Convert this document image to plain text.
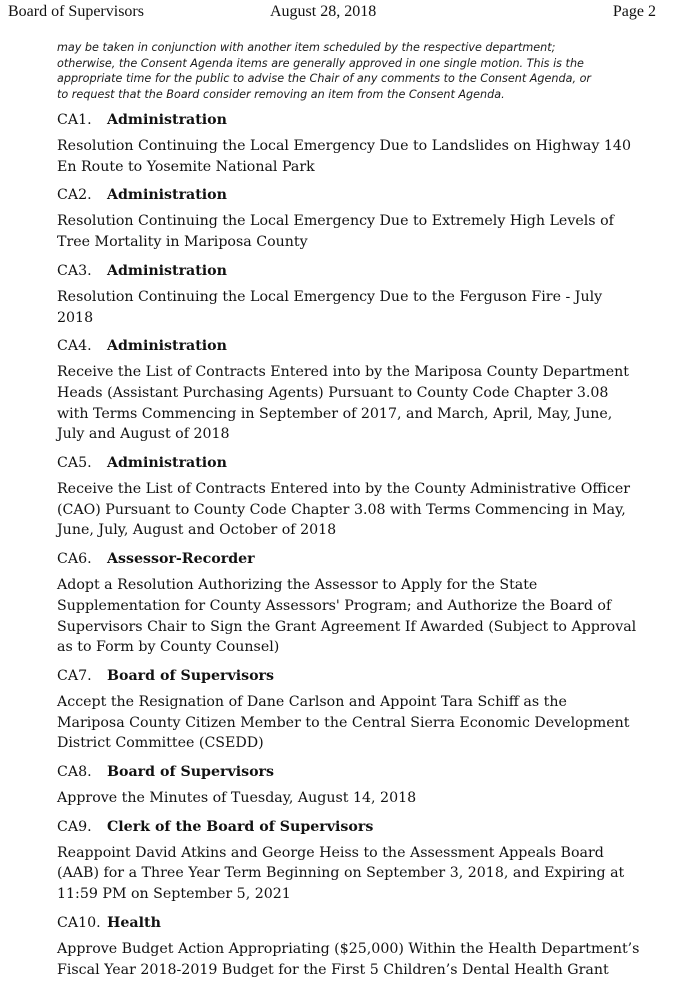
Board of Supervisors	August 28, 2018	Page 2
may be taken in conjunction with another item scheduled by the respective department;
otherwise, the Consent Agenda items are generally approved in one single motion. This is the
appropriate time for the public to advise the Chair of any comments to the Consent Agenda, or
to request that the Board consider removing an item from the Consent Agenda.
CA1. Administration
Resolution Continuing the Local Emergency Due to Landslides on Highway 140
En Route to Yosemite National Park
CA2. Administration
Resolution Continuing the Local Emergency Due to Extremely High Levels of
Tree Mortality in Mariposa County
CA3. Administration
Resolution Continuing the Local Emergency Due to the Ferguson Fire - July
2018
CA4. Administration
Receive the List of Contracts Entered into by the Mariposa County Department
Heads (Assistant Purchasing Agents) Pursuant to County Code Chapter 3.08
with Terms Commencing in September of 2017, and March, April, May, June,
July and August of 2018
CA5. Administration
Receive the List of Contracts Entered into by the County Administrative Officer
(CAO) Pursuant to County Code Chapter 3.08 with Terms Commencing in May,
June, July, August and October of 2018
CA6. Assessor-Recorder
Adopt a Resolution Authorizing the Assessor to Apply for the State
Supplementation for County Assessors' Program; and Authorize the Board of
Supervisors Chair to Sign the Grant Agreement If Awarded (Subject to Approval
as to Form by County Counsel)
CA7. Board of Supervisors
Accept the Resignation of Dane Carlson and Appoint Tara Schiff as the
Mariposa County Citizen Member to the Central Sierra Economic Development
District Committee (CSEDD)
CA8. Board of Supervisors
Approve the Minutes of Tuesday, August 14, 2018
CA9. Clerk of the Board of Supervisors
Reappoint David Atkins and George Heiss to the Assessment Appeals Board
(AAB) for a Three Year Term Beginning on September 3, 2018, and Expiring at
11:59 PM on September 5, 2021
CA10. Health
Approve Budget Action Appropriating ($25,000) Within the Health Department’s
Fiscal Year 2018-2019 Budget for the First 5 Children’s Dental Health Grant
